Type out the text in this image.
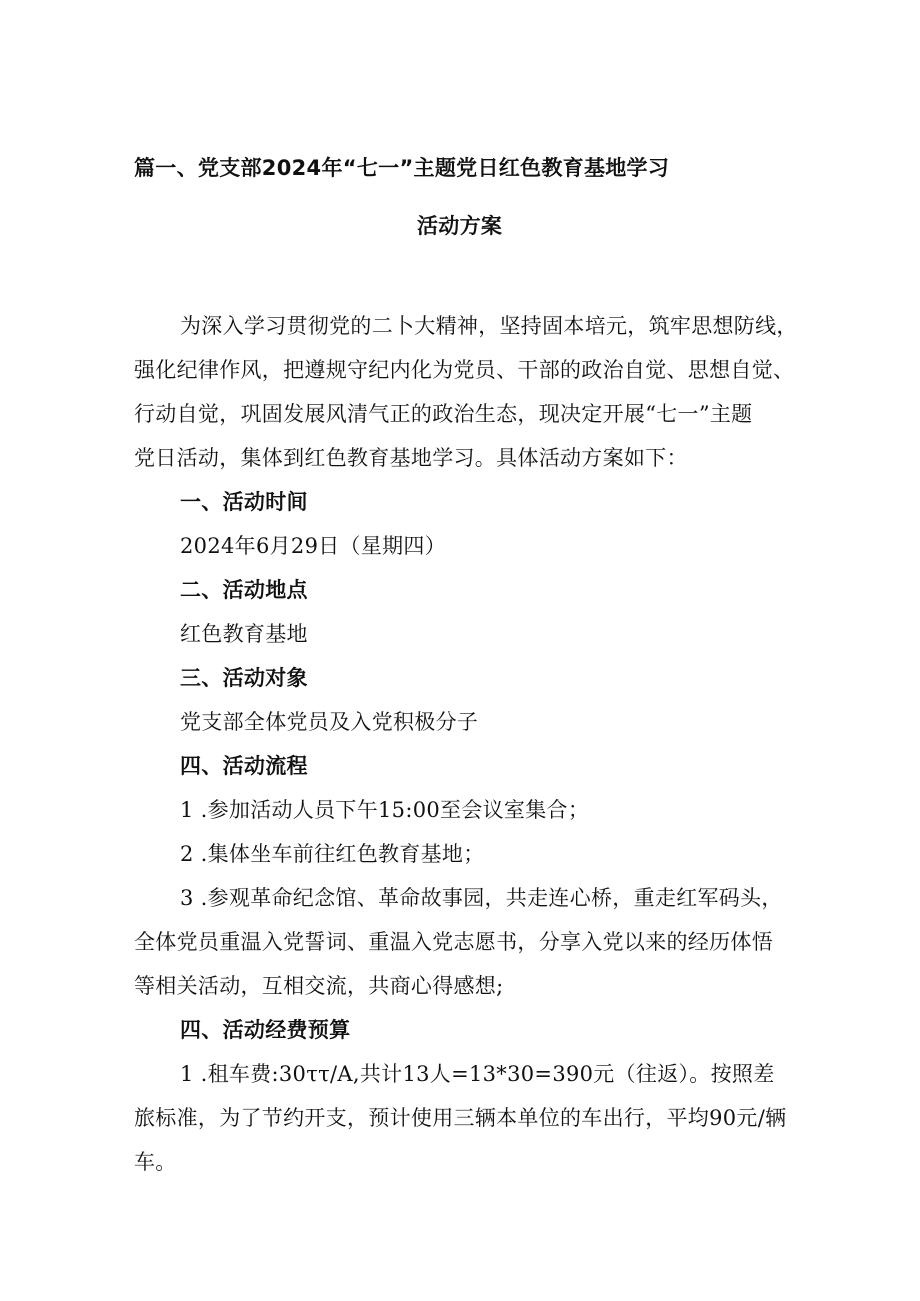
篇一、党支部2024年“七一”主题党日红色教育基地学习
活动方案
为深入学习贯彻党的二卜大精神，坚持固本培元，筑牢思想防线，
强化纪律作风，把遵规守纪内化为党员、干部的政治自觉、思想自觉、
行动自觉，巩固发展风清气正的政治生态，现决定开展“七一”主题
党日活动，集体到红色教育基地学习。具体活动方案如下：
一、活动时间
2024年6月29日（星期四）
二、活动地点
红色教育基地
三、活动对象
党支部全体党员及入党积极分子
四、活动流程
1 .参加活动人员下午15:00至会议室集合；
2 .集体坐车前往红色教育基地；
3 .参观革命纪念馆、革命故事园，共走连心桥，重走红军码头，
全体党员重温入党誓词、重温入党志愿书，分享入党以来的经历体悟
等相关活动，互相交流，共商心得感想;
四、活动经费预算
1 .租车费:30ττ/Α,共计13人=13*30=390元（往返）。按照差
旅标准，为了节约开支，预计使用三辆本单位的车出行，平均90元/辆
车。
